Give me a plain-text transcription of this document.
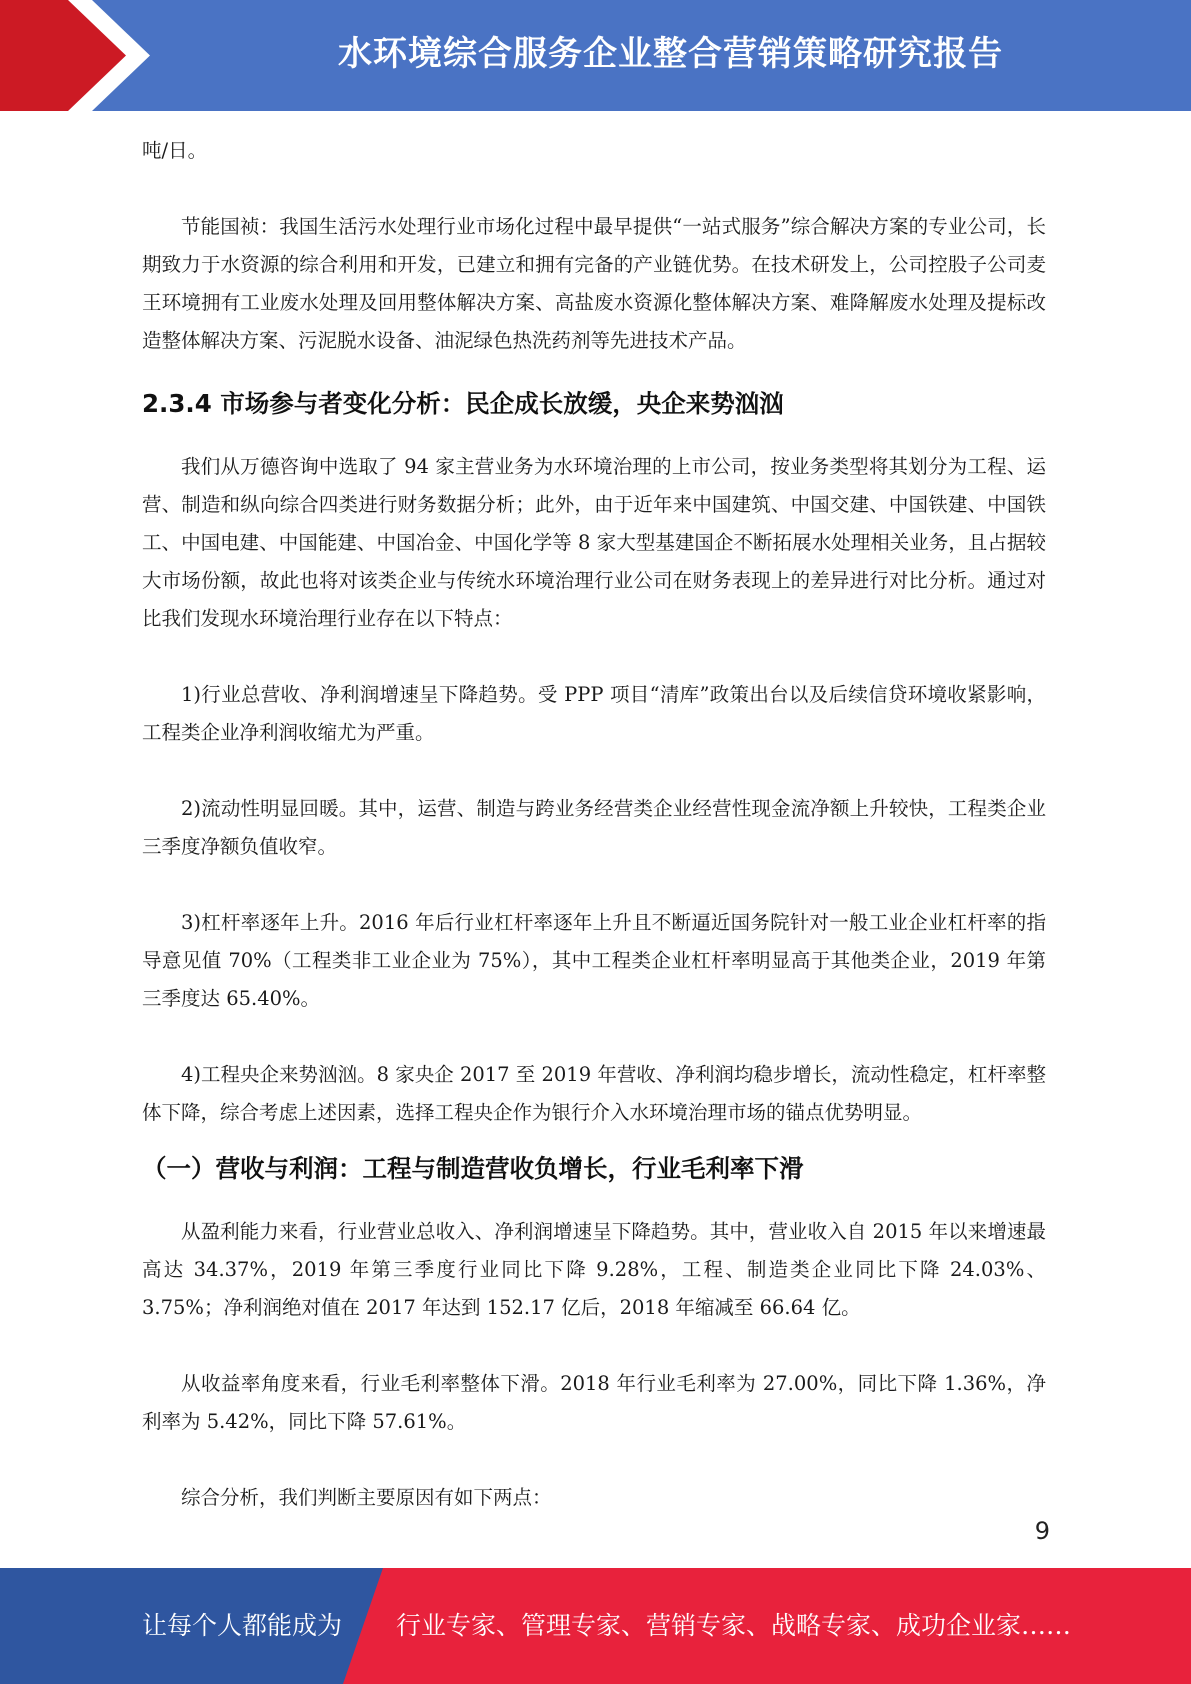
水环境综合服务企业整合营销策略研究报告

吨/日。

节能国祯：我国生活污水处理行业市场化过程中最早提供“一站式服务”综合解决方案的专业公司，长期致力于水资源的综合利用和开发，已建立和拥有完备的产业链优势。在技术研发上，公司控股子公司麦王环境拥有工业废水处理及回用整体解决方案、高盐废水资源化整体解决方案、难降解废水处理及提标改造整体解决方案、污泥脱水设备、油泥绿色热洗药剂等先进技术产品。

2.3.4 市场参与者变化分析：民企成长放缓，央企来势汹汹

我们从万德咨询中选取了 94 家主营业务为水环境治理的上市公司，按业务类型将其划分为工程、运营、制造和纵向综合四类进行财务数据分析；此外，由于近年来中国建筑、中国交建、中国铁建、中国铁工、中国电建、中国能建、中国冶金、中国化学等 8 家大型基建国企不断拓展水处理相关业务，且占据较大市场份额，故此也将对该类企业与传统水环境治理行业公司在财务表现上的差异进行对比分析。通过对比我们发现水环境治理行业存在以下特点：

1)行业总营收、净利润增速呈下降趋势。受 PPP 项目“清库”政策出台以及后续信贷环境收紧影响，工程类企业净利润收缩尤为严重。

2)流动性明显回暖。其中，运营、制造与跨业务经营类企业经营性现金流净额上升较快，工程类企业三季度净额负值收窄。

3)杠杆率逐年上升。2016 年后行业杠杆率逐年上升且不断逼近国务院针对一般工业企业杠杆率的指导意见值 70%（工程类非工业企业为 75%），其中工程类企业杠杆率明显高于其他类企业，2019 年第三季度达 65.40%。

4)工程央企来势汹汹。8 家央企 2017 至 2019 年营收、净利润均稳步增长，流动性稳定，杠杆率整体下降，综合考虑上述因素，选择工程央企作为银行介入水环境治理市场的锚点优势明显。

（一）营收与利润：工程与制造营收负增长，行业毛利率下滑

从盈利能力来看，行业营业总收入、净利润增速呈下降趋势。其中，营业收入自 2015 年以来增速最高达 34.37%，2019 年第三季度行业同比下降 9.28%，工程、制造类企业同比下降 24.03%、3.75%；净利润绝对值在 2017 年达到 152.17 亿后，2018 年缩减至 66.64 亿。

从收益率角度来看，行业毛利率整体下滑。2018 年行业毛利率为 27.00%，同比下降 1.36%，净利率为 5.42%，同比下降 57.61%。

综合分析，我们判断主要原因有如下两点：

9
让每个人都能成为 行业专家、管理专家、营销专家、战略专家、成功企业家……
